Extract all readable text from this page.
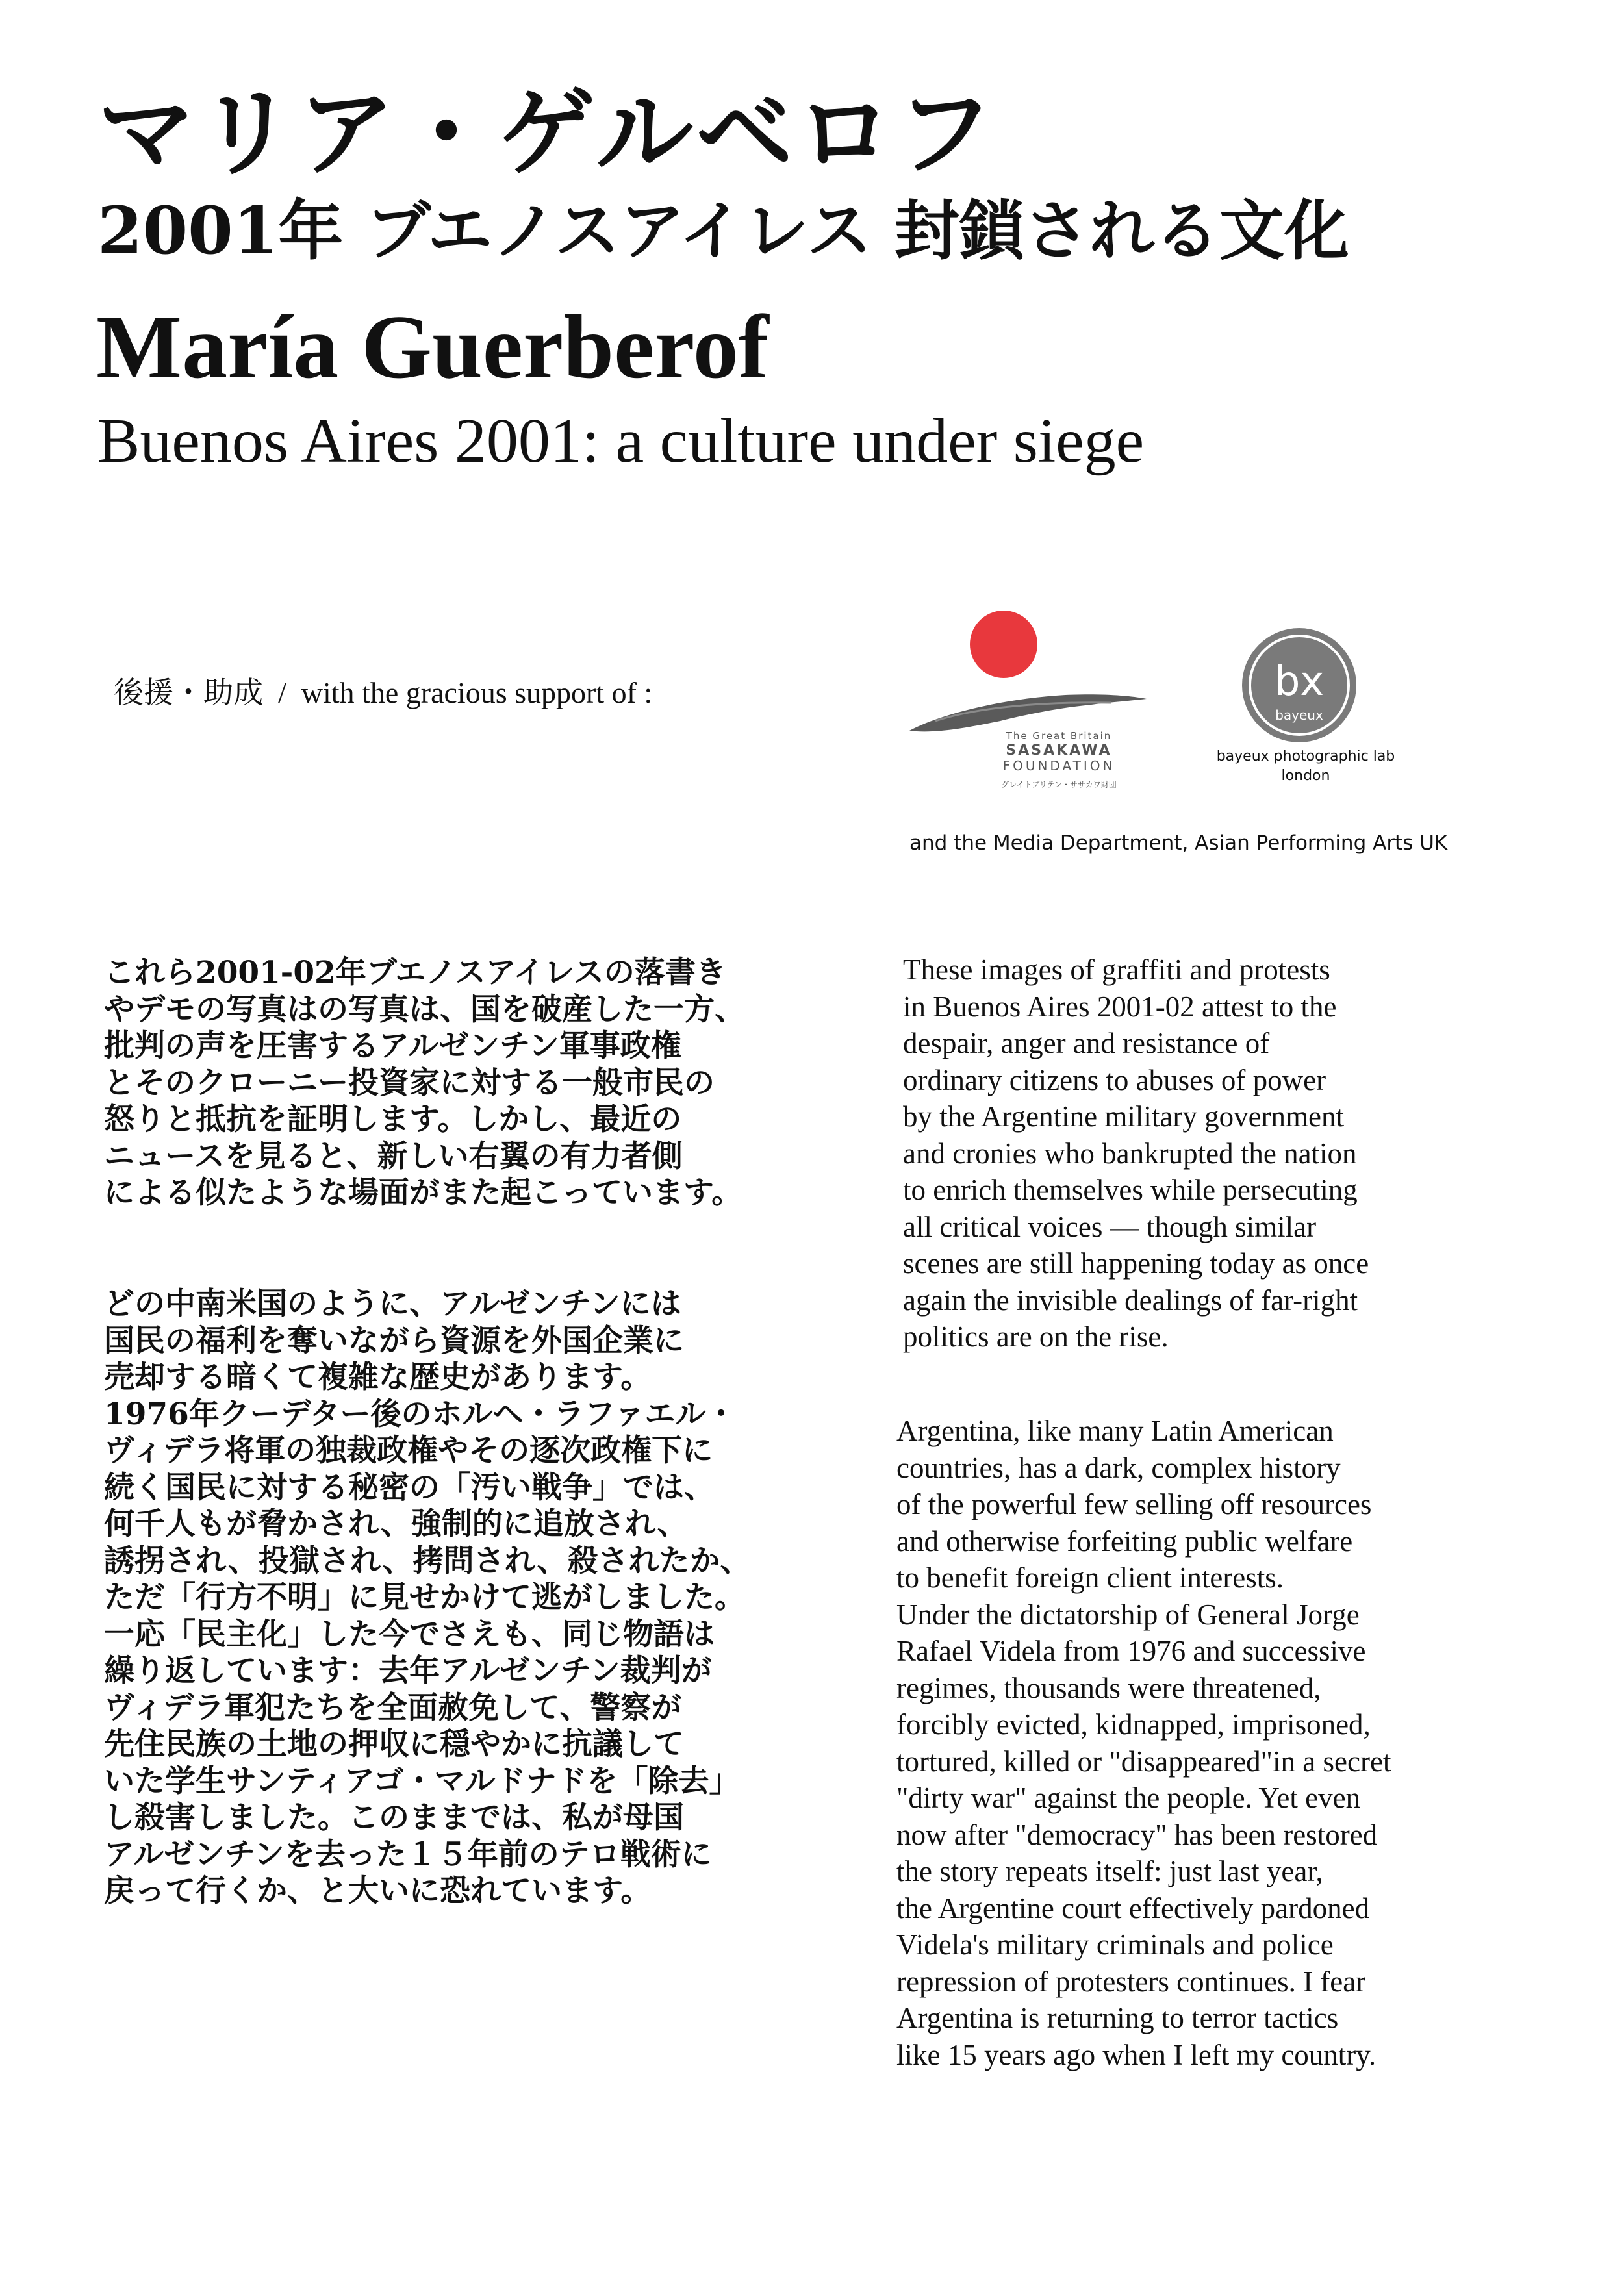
マリア・ゲルベロフ
2001年 ブエノスアイレス 封鎖される文化
María Guerberof
Buenos Aires 2001: a culture under siege
後援・助成  /  with the gracious support of :
The Great Britain
SASAKAWA
FOUNDATION
グレイトブリテン・ササカワ財団
bx
bayeux
bayeux photographic lab
london
and the Media Department, Asian Performing Arts UK
これら2001-02年ブエノスアイレスの落書き
やデモの写真はの写真は、国を破産した一方、
批判の声を圧害するアルゼンチン軍事政権
とそのクローニー投資家に対する一般市民の
怒りと抵抗を証明します。しかし、最近の
ニュースを見ると、新しい右翼の有力者側
による似たような場面がまた起こっています。
どの中南米国のように、アルゼンチンには
国民の福利を奪いながら資源を外国企業に
売却する暗くて複雑な歴史があります。
1976年クーデター後のホルヘ・ラファエル・
ヴィデラ将軍の独裁政権やその逐次政権下に
続く国民に対する秘密の「汚い戦争」では、
何千人もが脅かされ、強制的に追放され、
誘拐され、投獄され、拷問され、殺されたか、
ただ「行方不明」に見せかけて逃がしました。
一応「民主化」した今でさえも、同じ物語は
繰り返しています：去年アルゼンチン裁判が
ヴィデラ軍犯たちを全面赦免して、警察が
先住民族の土地の押収に穏やかに抗議して
いた学生サンティアゴ・マルドナドを「除去」
し殺害しました。このままでは、私が母国
アルゼンチンを去った１５年前のテロ戦術に
戻って行くか、と大いに恐れています。
These images of graffiti and protests
in Buenos Aires 2001-02 attest to the
despair, anger and resistance of
ordinary citizens to abuses of power
by the Argentine military government
and cronies who bankrupted the nation
to enrich themselves while persecuting
all critical voices — though similar
scenes are still happening today as once
again the invisible dealings of far-right
politics are on the rise.
Argentina, like many Latin American
countries, has a dark, complex history
of the powerful few selling off resources
and otherwise forfeiting public welfare
to benefit foreign client interests.
Under the dictatorship of General Jorge
Rafael Videla from 1976 and successive
regimes, thousands were threatened,
forcibly evicted, kidnapped, imprisoned,
tortured, killed or "disappeared"in a secret
"dirty war" against the people. Yet even
now after "democracy" has been restored
the story repeats itself: just last year,
the Argentine court effectively pardoned
Videla's military criminals and police
repression of protesters continues. I fear
Argentina is returning to terror tactics
like 15 years ago when I left my country.
